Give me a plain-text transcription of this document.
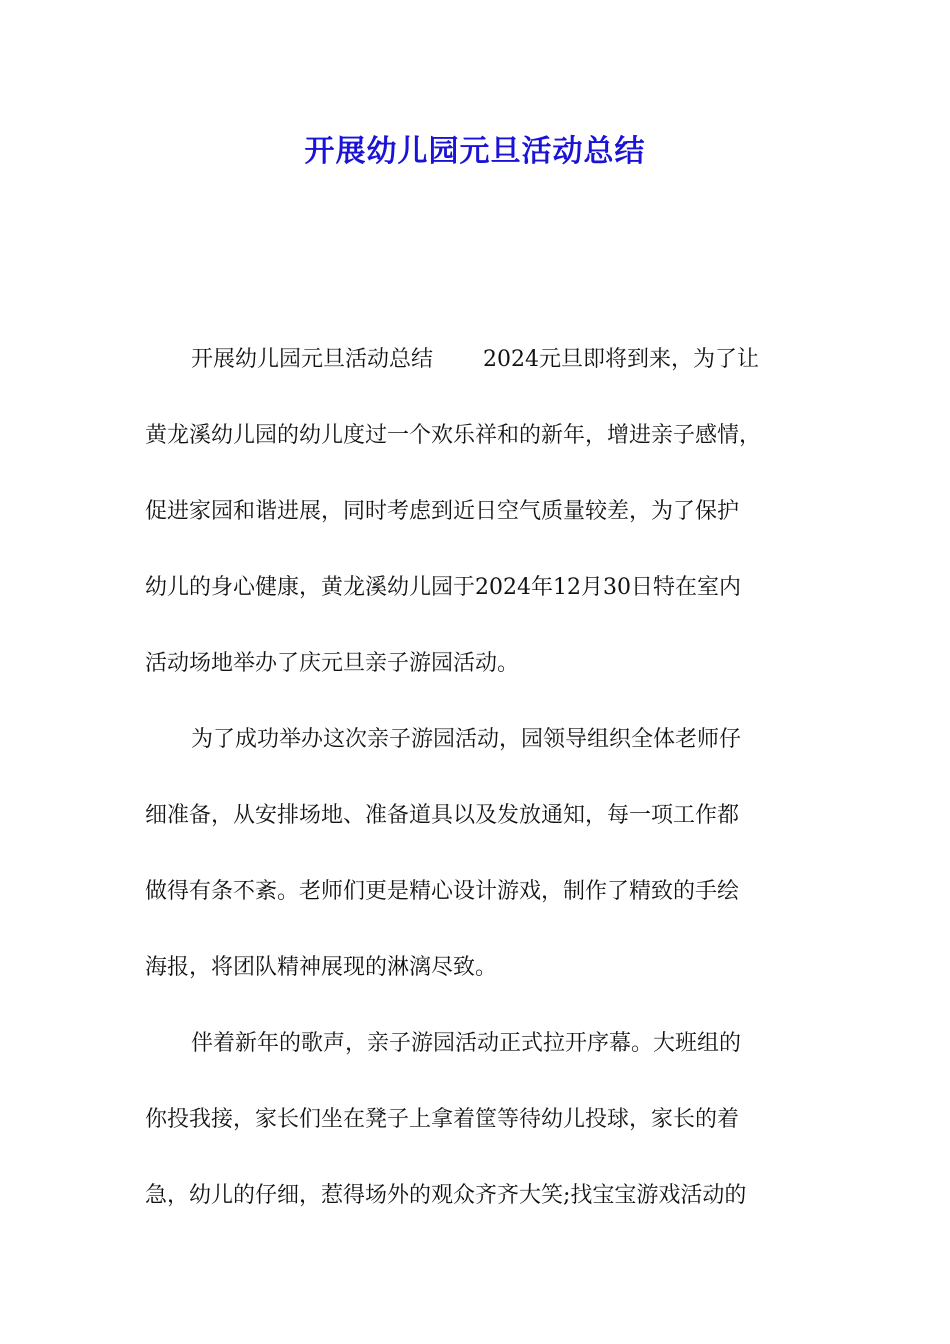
开展幼儿园元旦活动总结
开展幼儿园元旦活动总结 2024元旦即将到来，为了让
黄龙溪幼儿园的幼儿度过一个欢乐祥和的新年，增进亲子感情，
促进家园和谐进展，同时考虑到近日空气质量较差，为了保护
幼儿的身心健康，黄龙溪幼儿园于2024年12月30日特在室内
活动场地举办了庆元旦亲子游园活动。
为了成功举办这次亲子游园活动，园领导组织全体老师仔
细准备，从安排场地、准备道具以及发放通知，每一项工作都
做得有条不紊。老师们更是精心设计游戏，制作了精致的手绘
海报，将团队精神展现的淋漓尽致。
伴着新年的歌声，亲子游园活动正式拉开序幕。大班组的
你投我接，家长们坐在凳子上拿着筐等待幼儿投球，家长的着
急，幼儿的仔细，惹得场外的观众齐齐大笑;找宝宝游戏活动的
